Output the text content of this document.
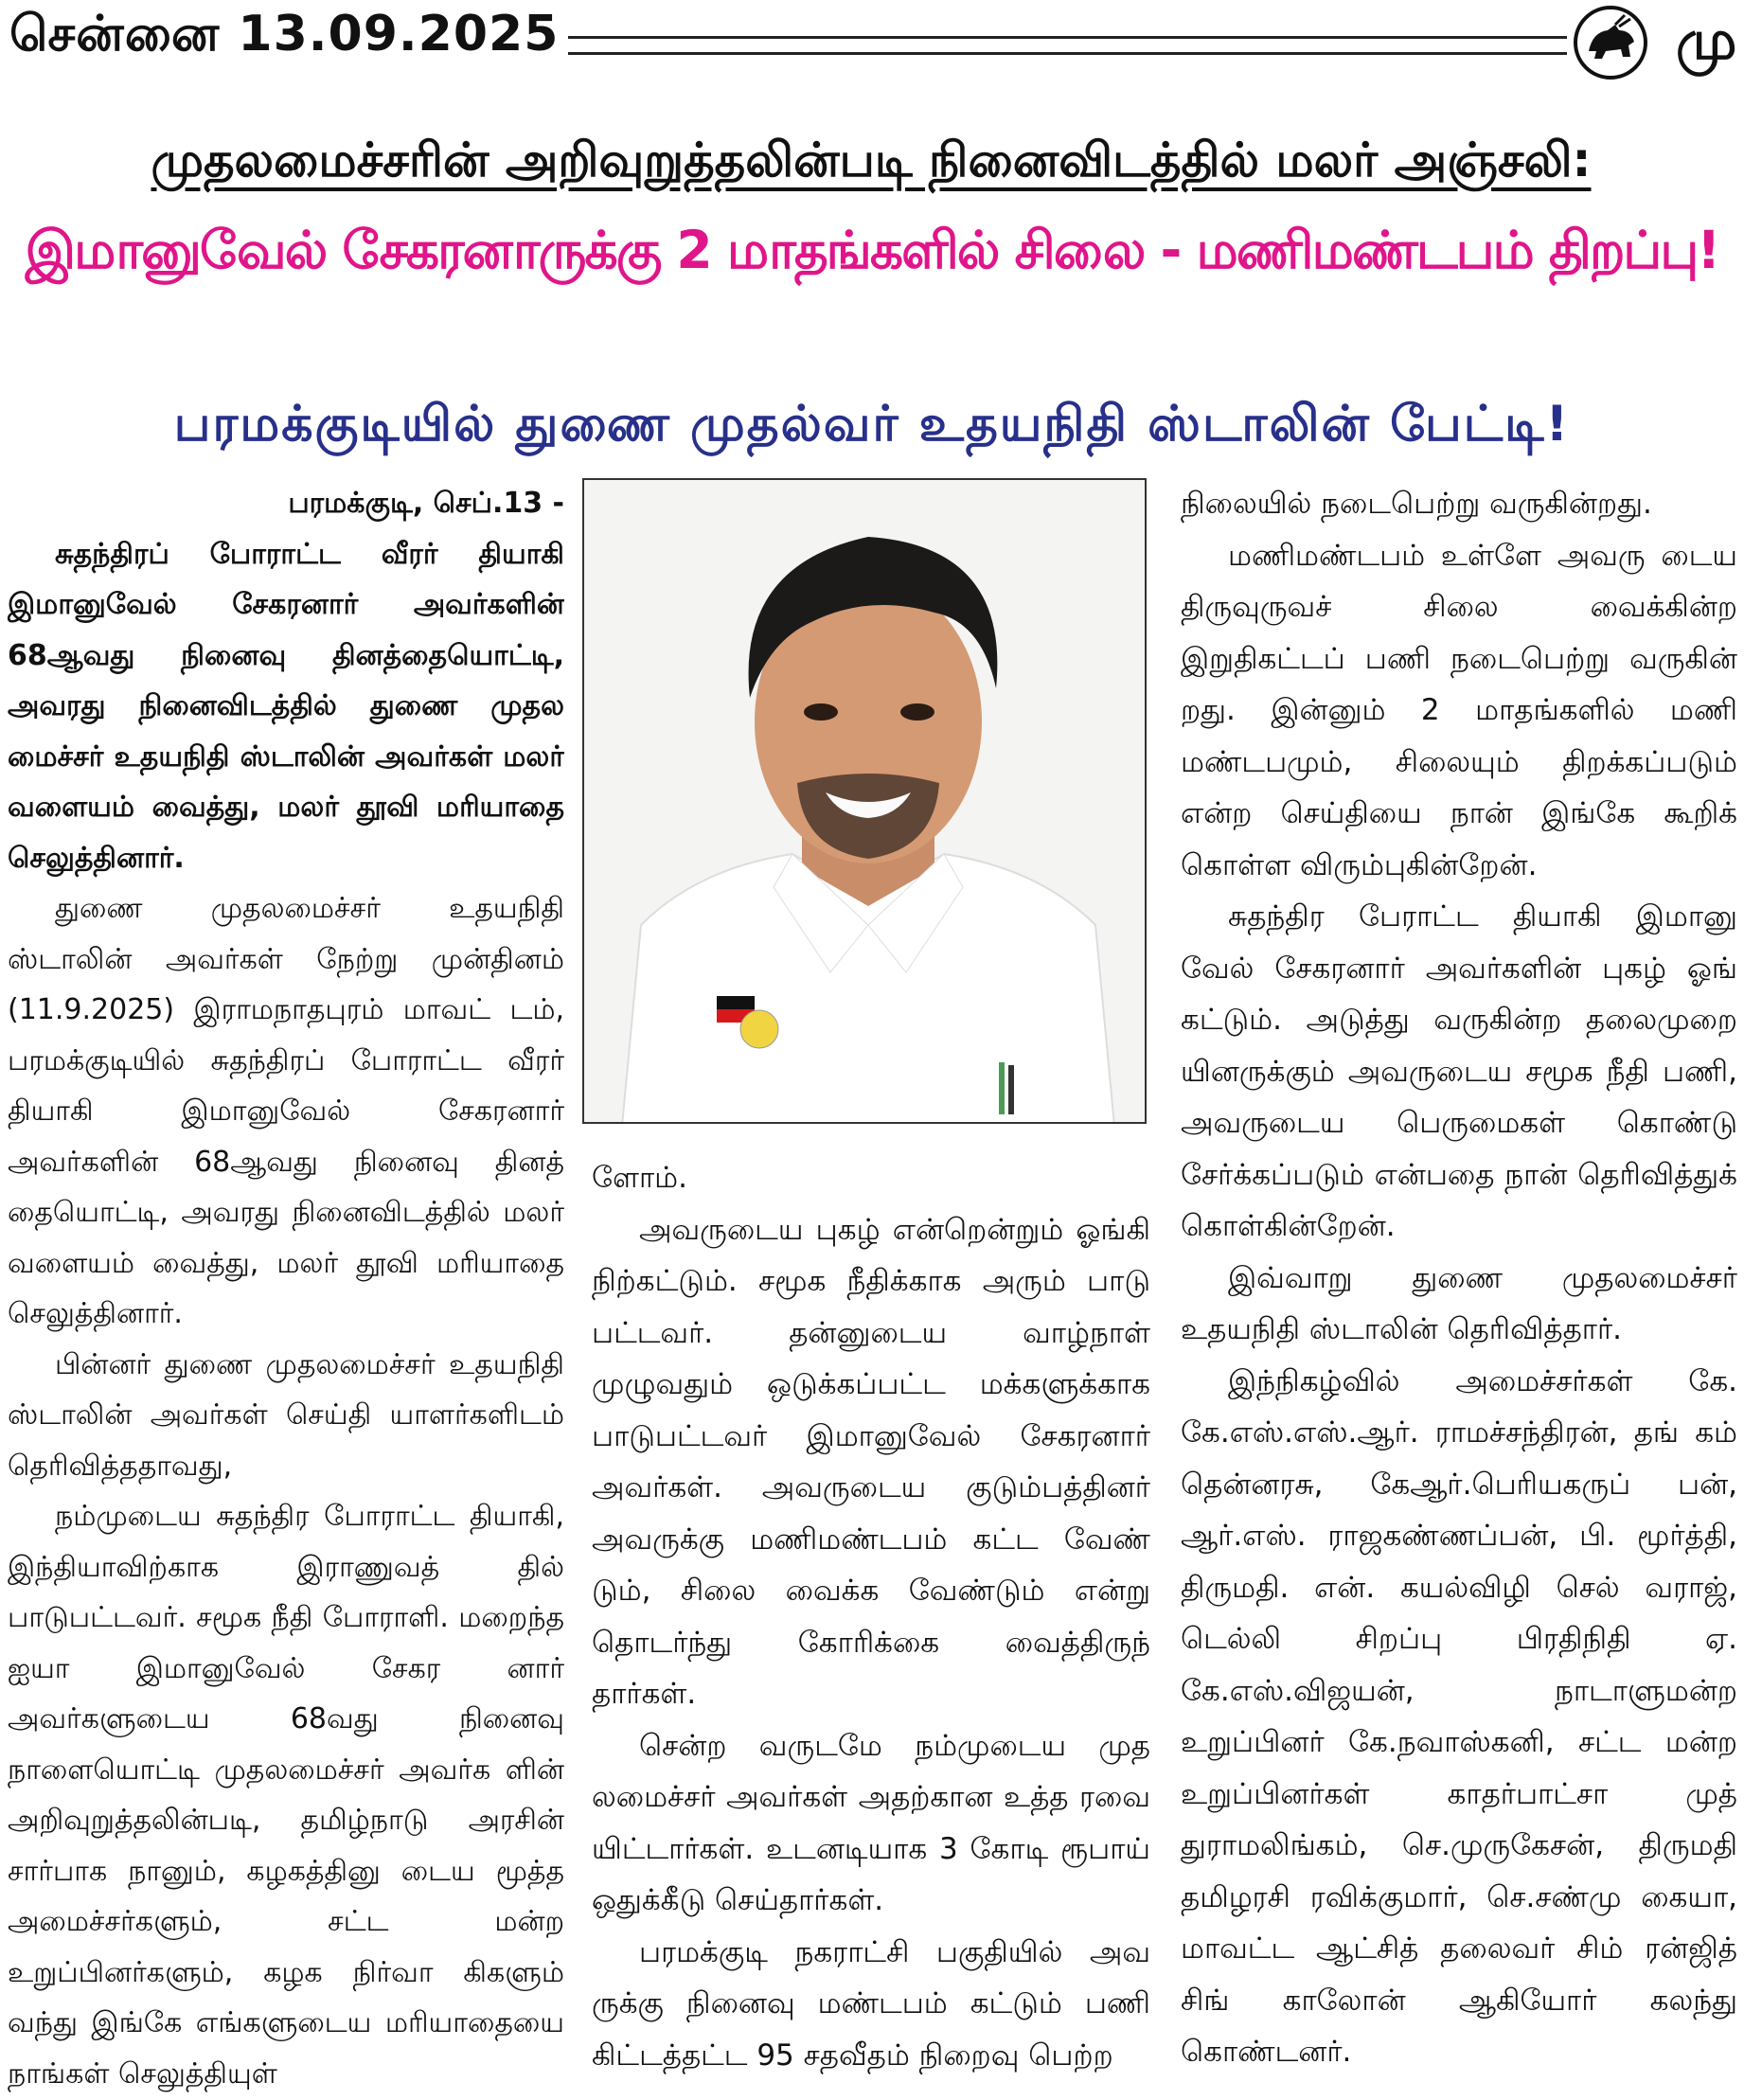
சென்னை 13.09.2025	மு
முதலமைச்சரின் அறிவுறுத்தலின்படி நினைவிடத்தில் மலர் அஞ்சலி:
இமானுவேல் சேகரனாருக்கு 2 மாதங்களில் சிலை - மணிமண்டபம் திறப்பு!
பரமக்குடியில் துணை முதல்வர் உதயநிதி ஸ்டாலின் பேட்டி!

பரமக்குடி, செப்.13 -

சுதந்திரப் போராட்ட வீரர் தியாகி இமானுவேல் சேகரனார் அவர்களின் 68ஆவது நினைவு தினத்தையொட்டி, அவரது நினைவிடத்தில் துணை முதல மைச்சர் உதயநிதி ஸ்டாலின் அவர்கள் மலர் வளையம் வைத்து, மலர் தூவி மரியாதை செலுத்தினார்.

துணை முதலமைச்சர் உதயநிதி ஸ்டாலின் அவர்கள் நேற்று முன்தினம் (11.9.2025) இராமநாதபுரம் மாவட் டம், பரமக்குடியில் சுதந்திரப் போராட்ட வீரர் தியாகி இமானுவேல் சேகரனார் அவர்களின் 68ஆவது நினைவு தினத் தையொட்டி, அவரது நினைவிடத்தில் மலர் வளையம் வைத்து, மலர் தூவி மரியாதை செலுத்தினார்.

பின்னர் துணை முதலமைச்சர் உதயநிதி ஸ்டாலின் அவர்கள் செய்தி யாளர்களிடம் தெரிவித்ததாவது,

நம்முடைய சுதந்திர போராட்ட தியாகி, இந்தியாவிற்காக இராணுவத் தில் பாடுபட்டவர். சமூக நீதி போராளி. மறைந்த ஐயா இமானுவேல் சேகர னார் அவர்களுடைய 68வது நினைவு நாளையொட்டி முதலமைச்சர் அவர்க ளின் அறிவுறுத்தலின்படி, தமிழ்நாடு அரசின் சார்பாக நானும், கழகத்தினு டைய மூத்த அமைச்சர்களும், சட்ட மன்ற உறுப்பினர்களும், கழக நிர்வா கிகளும் வந்து இங்கே எங்களுடைய மரியாதையை நாங்கள் செலுத்தியுள்

ளோம்.

அவருடைய புகழ் என்றென்றும் ஓங்கி நிற்கட்டும். சமூக நீதிக்காக அரும் பாடு பட்டவர். தன்னுடைய வாழ்நாள் முழுவதும் ஒடுக்கப்பட்ட மக்களுக்காக பாடுபட்டவர் இமானுவேல் சேகரனார் அவர்கள். அவருடைய குடும்பத்தினர் அவருக்கு மணிமண்டபம் கட்ட வேண் டும், சிலை வைக்க வேண்டும் என்று தொடர்ந்து கோரிக்கை வைத்திருந் தார்கள்.

சென்ற வருடமே நம்முடைய முத லமைச்சர் அவர்கள் அதற்கான உத்த ரவை யிட்டார்கள். உடனடியாக 3 கோடி ரூபாய் ஒதுக்கீடு செய்தார்கள்.

பரமக்குடி நகராட்சி பகுதியில் அவ ருக்கு நினைவு மண்டபம் கட்டும் பணி கிட்டத்தட்ட 95 சதவீதம் நிறைவு பெற்ற

நிலையில் நடைபெற்று வருகின்றது.

மணிமண்டபம் உள்ளே அவரு டைய திருவுருவச் சிலை வைக்கின்ற இறுதிகட்டப் பணி நடைபெற்று வருகின் றது. இன்னும் 2 மாதங்களில் மணி மண்டபமும், சிலையும் திறக்கப்படும் என்ற செய்தியை நான் இங்கே கூறிக் கொள்ள விரும்புகின்றேன்.

சுதந்திர பேராட்ட தியாகி இமானு வேல் சேகரனார் அவர்களின் புகழ் ஓங் கட்டும். அடுத்து வருகின்ற தலைமுறை யினருக்கும் அவருடைய சமூக நீதி பணி, அவருடைய பெருமைகள் கொண்டு சேர்க்கப்படும் என்பதை நான் தெரிவித்துக் கொள்கின்றேன்.

இவ்வாறு துணை முதலமைச்சர் உதயநிதி ஸ்டாலின் தெரிவித்தார்.

இந்நிகழ்வில் அமைச்சர்கள் கே. கே.எஸ்.எஸ்.ஆர். ராமச்சந்திரன், தங் கம் தென்னரசு, கேஆர்.பெரியகருப் பன், ஆர்.எஸ். ராஜகண்ணப்பன், பி. மூர்த்தி, திருமதி. என். கயல்விழி செல் வராஜ், டெல்லி சிறப்பு பிரதிநிதி ஏ. கே.எஸ்.விஜயன், நாடாளுமன்ற உறுப்பினர் கே.நவாஸ்கனி, சட்ட மன்ற உறுப்பினர்கள் காதர்பாட்சா முத் துராமலிங்கம், செ.முருகேசன், திருமதி தமிழரசி ரவிக்குமார், செ.சண்மு கையா, மாவட்ட ஆட்சித் தலைவர் சிம் ரன்ஜித் சிங் காலோன் ஆகியோர் கலந்து கொண்டனர்.
